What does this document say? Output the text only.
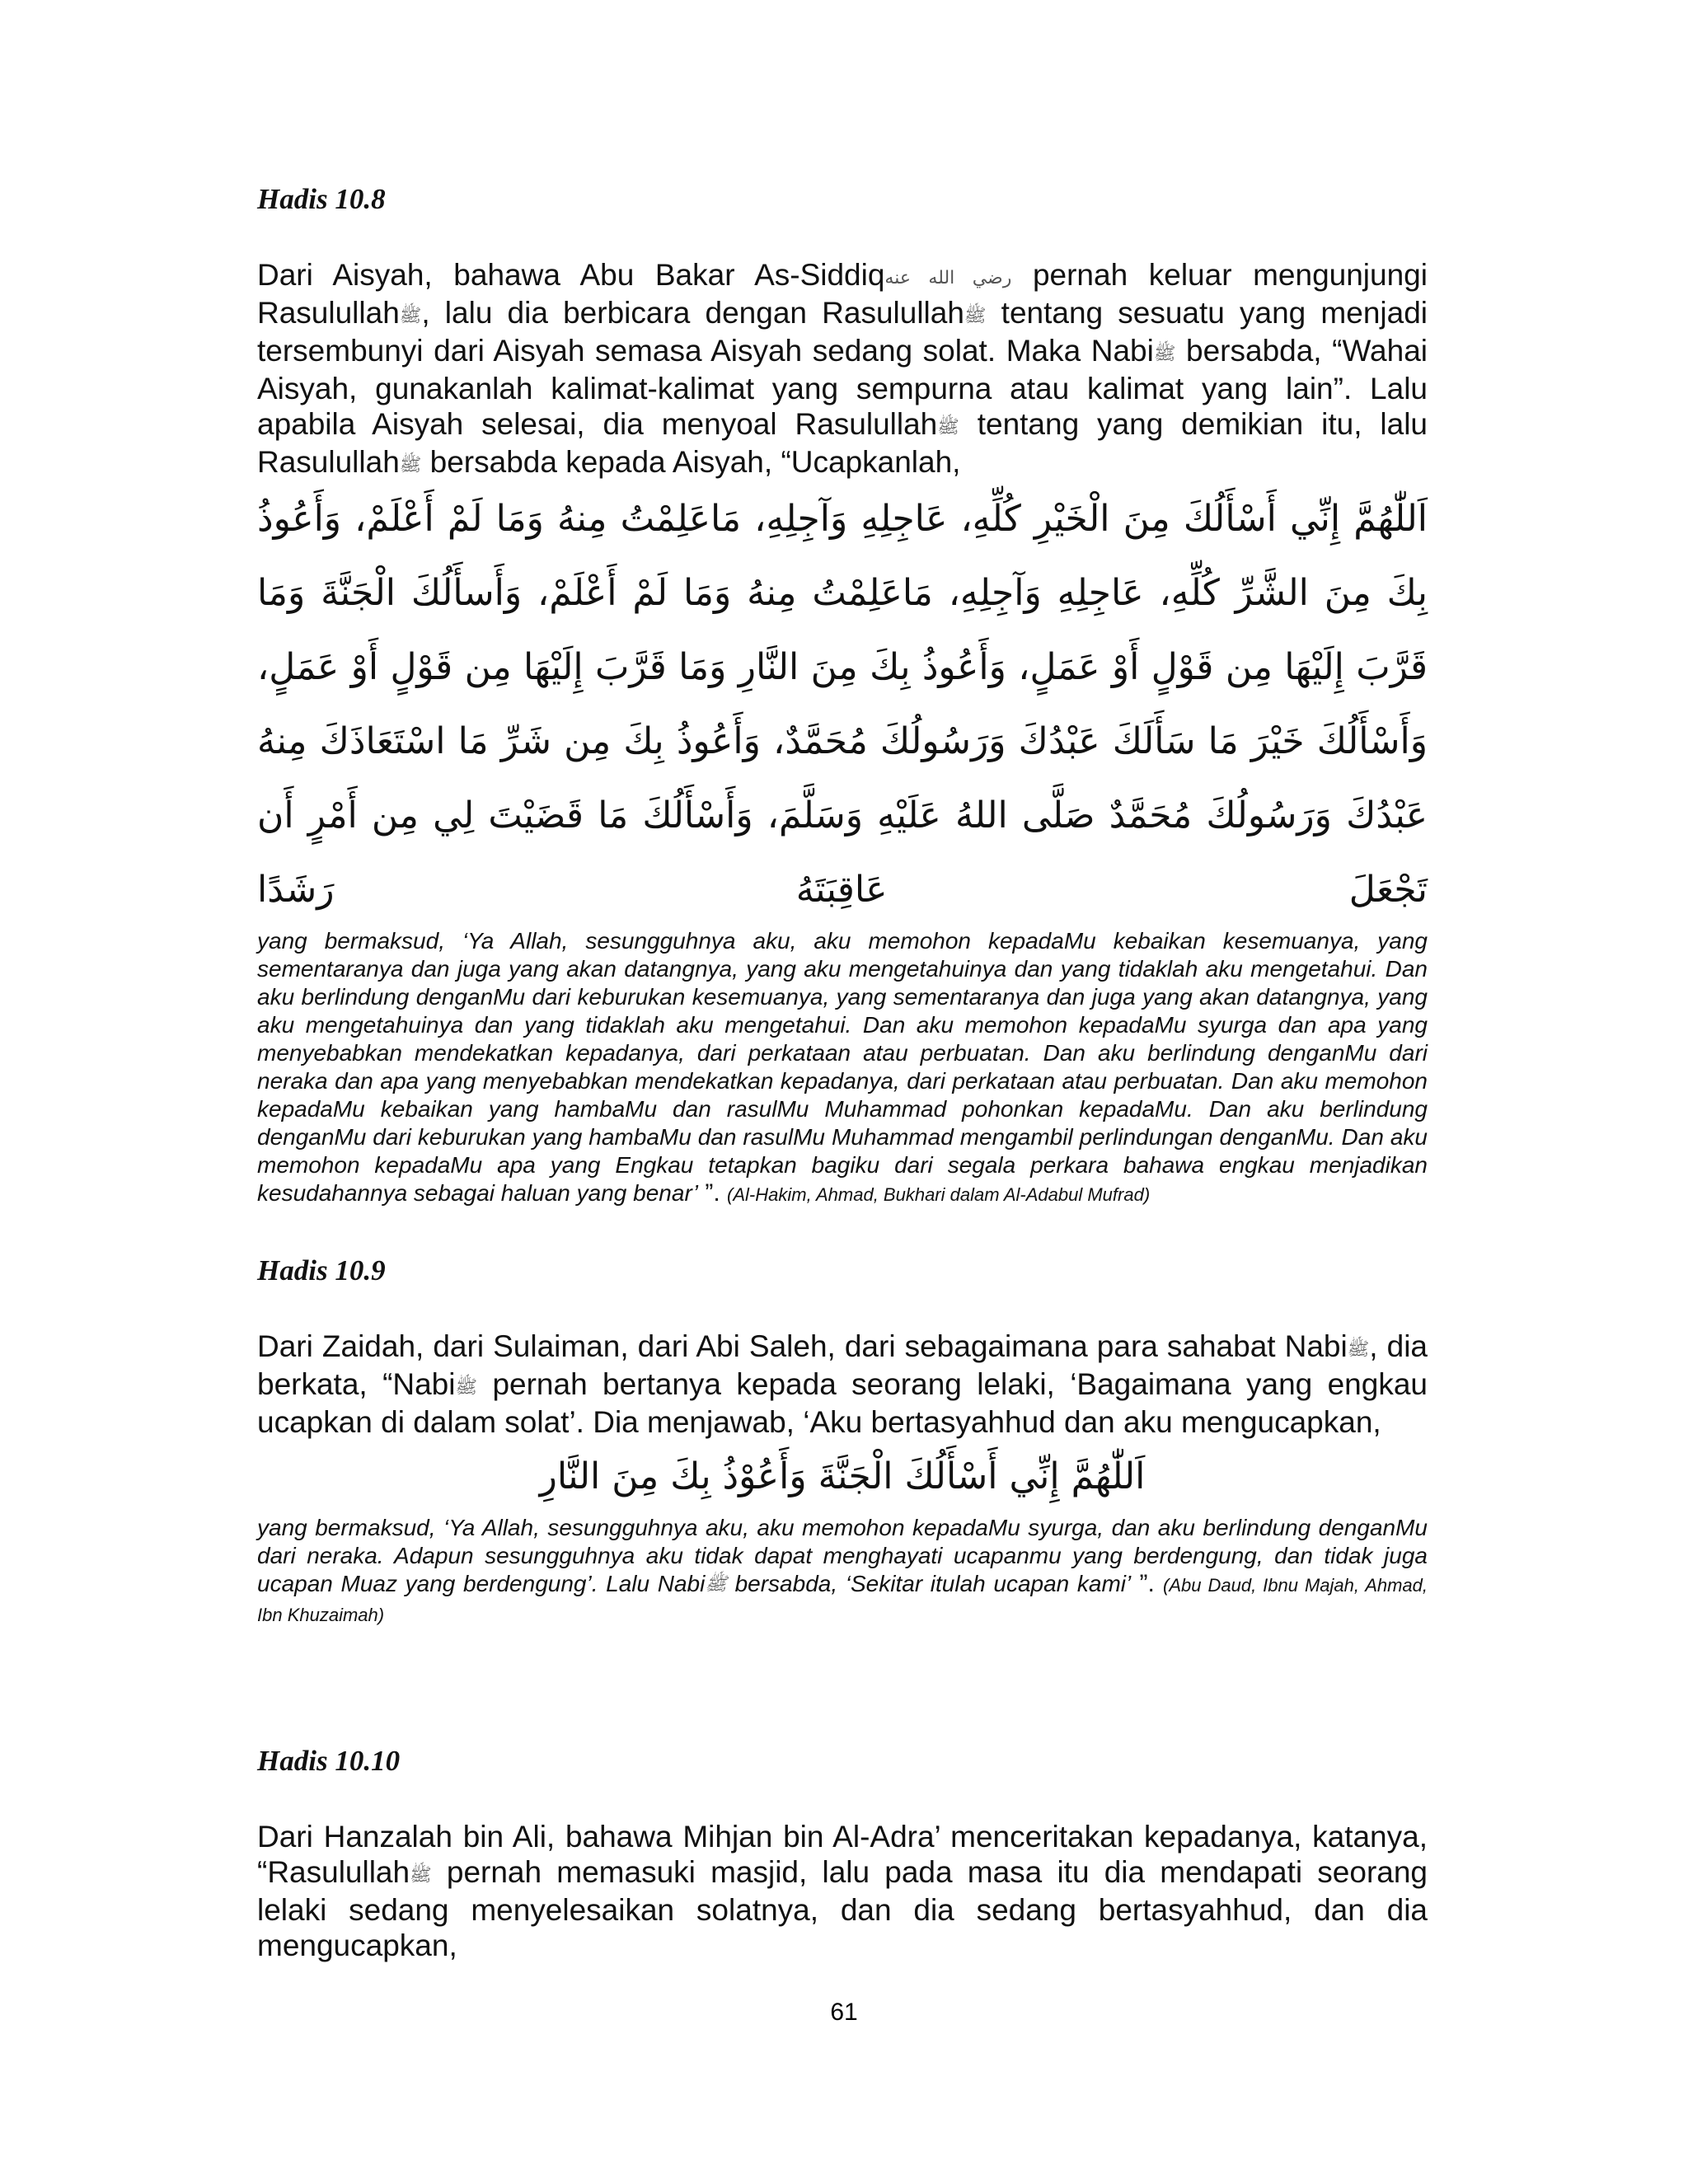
Hadis 10.8

Dari Aisyah, bahawa Abu Bakar As-Siddiqرضي الله عنه pernah keluar mengunjungi Rasulullahﷺ, lalu dia berbicara dengan Rasulullahﷺ tentang sesuatu yang menjadi tersembunyi dari Aisyah semasa Aisyah sedang solat. Maka Nabiﷺ bersabda, “Wahai Aisyah, gunakanlah kalimat-kalimat yang sempurna atau kalimat yang lain”. Lalu apabila Aisyah selesai, dia menyoal Rasulullahﷺ tentang yang demikian itu, lalu Rasulullahﷺ bersabda kepada Aisyah, “Ucapkanlah,

اَللّٰهُمَّ إِنِّي أَسْأَلُكَ مِنَ الْخَيْرِ كُلِّهِ، عَاجِلِهِ وَآجِلِهِ، مَاعَلِمْتُ مِنهُ وَمَا لَمْ أَعْلَمْ، وَأَعُوذُ بِكَ مِنَ الشَّرِّ كُلِّهِ، عَاجِلِهِ وَآجِلِهِ، مَاعَلِمْتُ مِنهُ وَمَا لَمْ أَعْلَمْ، وَأَسأَلُكَ الْجَنَّةَ وَمَا قَرَّبَ إِلَيْهَا مِن قَوْلٍ أَوْ عَمَلٍ، وَأَعُوذُ بِكَ مِنَ النَّارِ وَمَا قَرَّبَ إِلَيْهَا مِن قَوْلٍ أَوْ عَمَلٍ، وَأَسْأَلُكَ خَيْرَ مَا سَأَلَكَ عَبْدُكَ وَرَسُولُكَ مُحَمَّدٌ، وَأَعُوذُ بِكَ مِن شَرِّ مَا اسْتَعَاذَكَ مِنهُ عَبْدُكَ وَرَسُولُكَ مُحَمَّدٌ صَلَّى اللهُ عَلَيْهِ وَسَلَّمَ، وَأَسْأَلُكَ مَا قَضَيْتَ لِي مِن أَمْرٍ أَن تَجْعَلَ عَاقِبَتَهُ رَشَدًا

yang bermaksud, ‘Ya Allah, sesungguhnya aku, aku memohon kepadaMu kebaikan kesemuanya, yang sementaranya dan juga yang akan datangnya, yang aku mengetahuinya dan yang tidaklah aku mengetahui. Dan aku berlindung denganMu dari keburukan kesemuanya, yang sementaranya dan juga yang akan datangnya, yang aku mengetahuinya dan yang tidaklah aku mengetahui. Dan aku memohon kepadaMu syurga dan apa yang menyebabkan mendekatkan kepadanya, dari perkataan atau perbuatan. Dan aku berlindung denganMu dari neraka dan apa yang menyebabkan mendekatkan kepadanya, dari perkataan atau perbuatan. Dan aku memohon kepadaMu kebaikan yang hambaMu dan rasulMu Muhammad pohonkan kepadaMu. Dan aku berlindung denganMu dari keburukan yang hambaMu dan rasulMu Muhammad mengambil perlindungan denganMu. Dan aku memohon kepadaMu apa yang Engkau tetapkan bagiku dari segala perkara bahawa engkau menjadikan kesudahannya sebagai haluan yang benar’ ”. (Al-Hakim, Ahmad, Bukhari dalam Al-Adabul Mufrad)

Hadis 10.9

Dari Zaidah, dari Sulaiman, dari Abi Saleh, dari sebagaimana para sahabat Nabiﷺ, dia berkata, “Nabiﷺ pernah bertanya kepada seorang lelaki, ‘Bagaimana yang engkau ucapkan di dalam solat’. Dia menjawab, ‘Aku bertasyahhud dan aku mengucapkan,

اَللّٰهُمَّ إِنِّي أَسْأَلُكَ الْجَنَّةَ وَأَعُوْذُ بِكَ مِنَ النَّارِ

yang bermaksud, ‘Ya Allah, sesungguhnya aku, aku memohon kepadaMu syurga, dan aku berlindung denganMu dari neraka. Adapun sesungguhnya aku tidak dapat menghayati ucapanmu yang berdengung, dan tidak juga ucapan Muaz yang berdengung’. Lalu Nabiﷺ bersabda, ‘Sekitar itulah ucapan kami’ ”. (Abu Daud, Ibnu Majah, Ahmad, Ibn Khuzaimah)

Hadis 10.10

Dari Hanzalah bin Ali, bahawa Mihjan bin Al-Adra’ menceritakan kepadanya, katanya, “Rasulullahﷺ pernah memasuki masjid, lalu pada masa itu dia mendapati seorang lelaki sedang menyelesaikan solatnya, dan dia sedang bertasyahhud, dan dia mengucapkan,

61
